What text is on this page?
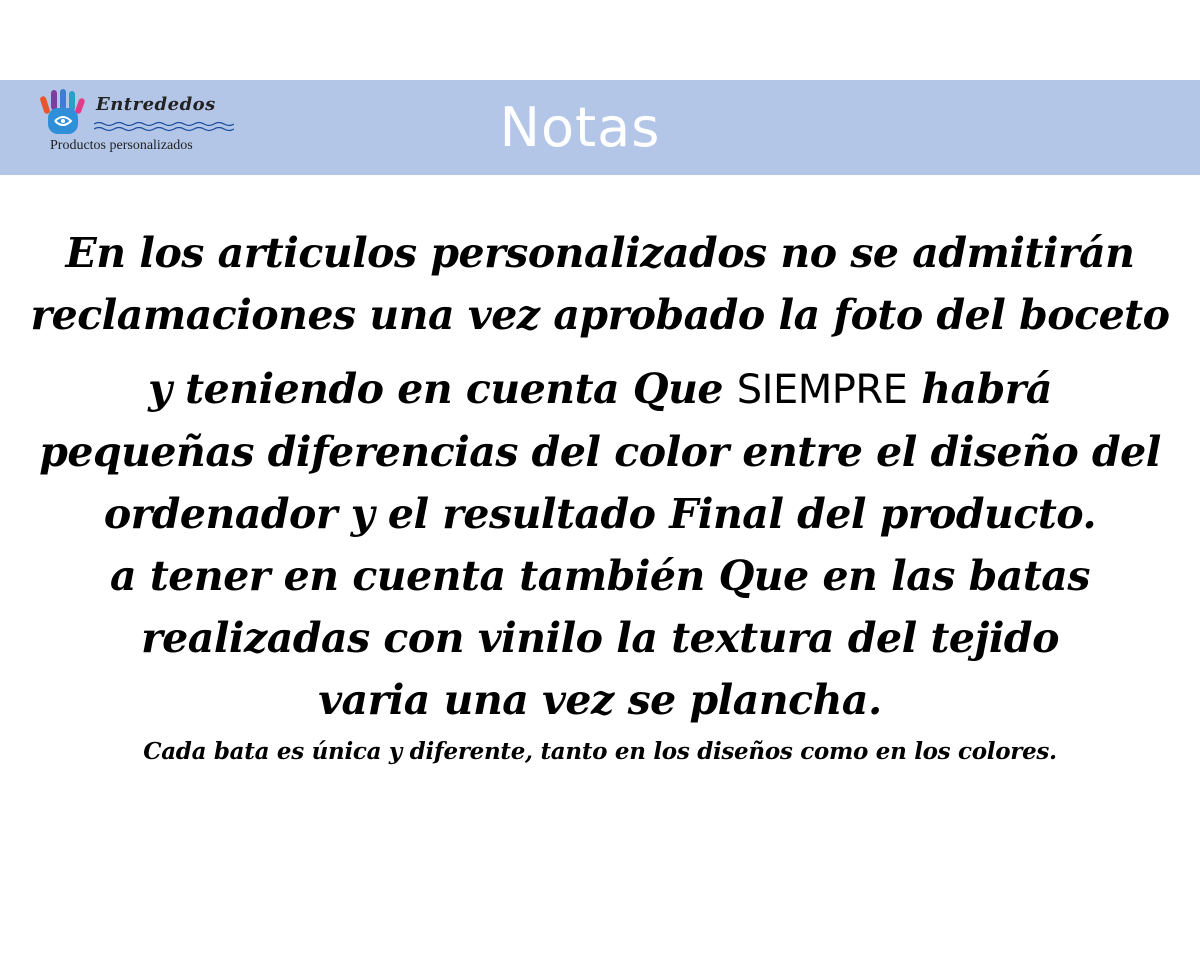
Entrededos
Productos personalizados	Notas
En los articulos personalizados no se admitirán
reclamaciones una vez aprobado la foto del boceto
y teniendo en cuenta Que SIEMPRE habrá
pequeñas diferencias del color entre el diseño del
ordenador y el resultado Final del producto.
a tener en cuenta también Que en las batas
realizadas con vinilo la textura del tejido
varia una vez se plancha.
Cada bata es única y diferente, tanto en los diseños como en los colores.
